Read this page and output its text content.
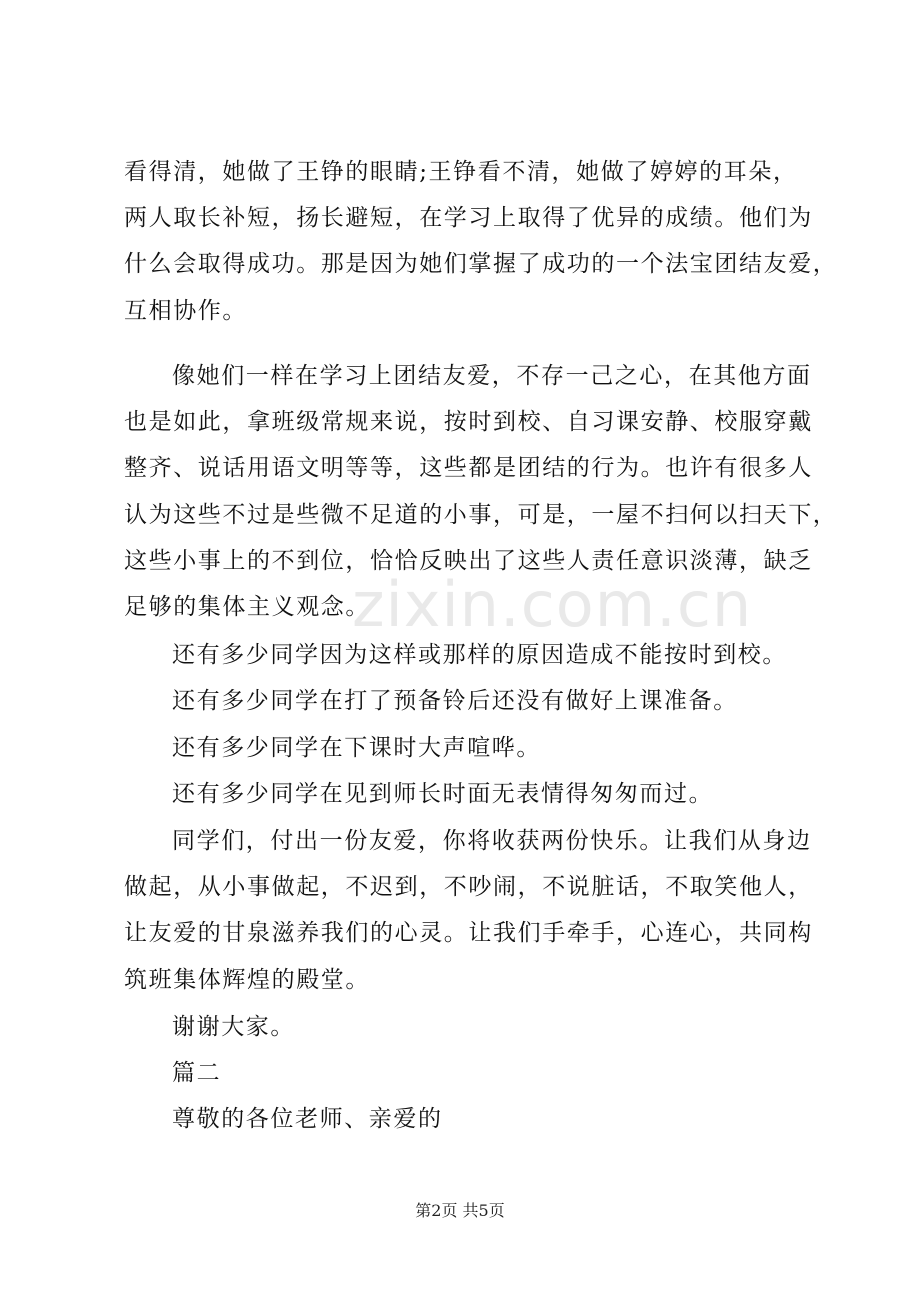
zixin.com.cn
看得清，她做了王铮的眼睛;王铮看不清，她做了婷婷的耳朵，
两人取长补短，扬长避短，在学习上取得了优异的成绩。他们为
什么会取得成功。那是因为她们掌握了成功的一个法宝团结友爱，
互相协作。
像她们一样在学习上团结友爱，不存一己之心，在其他方面
也是如此，拿班级常规来说，按时到校、自习课安静、校服穿戴
整齐、说话用语文明等等，这些都是团结的行为。也许有很多人
认为这些不过是些微不足道的小事，可是，一屋不扫何以扫天下，
这些小事上的不到位，恰恰反映出了这些人责任意识淡薄，缺乏
足够的集体主义观念。
还有多少同学因为这样或那样的原因造成不能按时到校。
还有多少同学在打了预备铃后还没有做好上课准备。
还有多少同学在下课时大声喧哗。
还有多少同学在见到师长时面无表情得匆匆而过。
同学们，付出一份友爱，你将收获两份快乐。让我们从身边
做起，从小事做起，不迟到，不吵闹，不说脏话，不取笑他人，
让友爱的甘泉滋养我们的心灵。让我们手牵手，心连心，共同构
筑班集体辉煌的殿堂。
谢谢大家。
篇二
尊敬的各位老师、亲爱的
第2页 共5页
